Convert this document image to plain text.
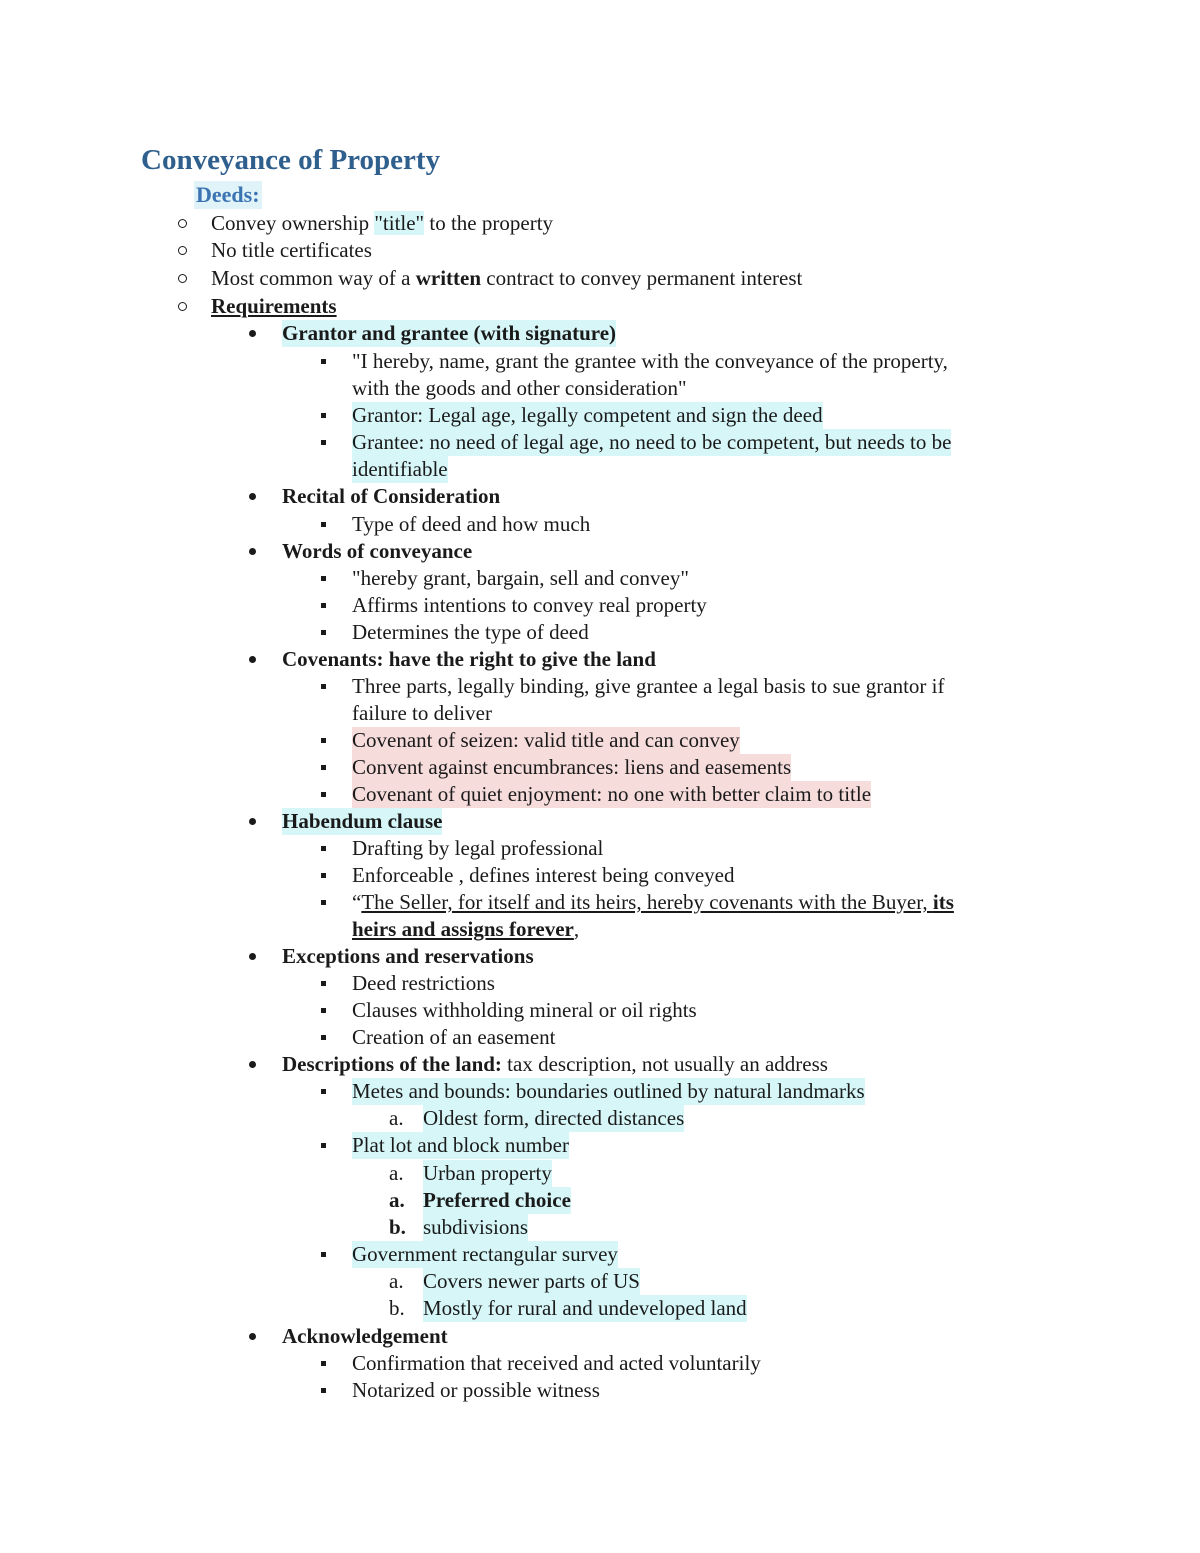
Conveyance of Property
Deeds:
Convey ownership "title" to the property
No title certificates
Most common way of a written contract to convey permanent interest
Requirements
Grantor and grantee (with signature)
"I hereby, name, grant the grantee with the conveyance of the property,
with the goods and other consideration"
Grantor: Legal age, legally competent and sign the deed
Grantee: no need of legal age, no need to be competent, but needs to be
identifiable
Recital of Consideration
Type of deed and how much
Words of conveyance
"hereby grant, bargain, sell and convey"
Affirms intentions to convey real property
Determines the type of deed
Covenants: have the right to give the land
Three parts, legally binding, give grantee a legal basis to sue grantor if
failure to deliver
Covenant of seizen: valid title and can convey
Convent against encumbrances: liens and easements
Covenant of quiet enjoyment: no one with better claim to title
Habendum clause
Drafting by legal professional
Enforceable , defines interest being conveyed
“The Seller, for itself and its heirs, hereby covenants with the Buyer, its
heirs and assigns forever,
Exceptions and reservations
Deed restrictions
Clauses withholding mineral or oil rights
Creation of an easement
Descriptions of the land: tax description, not usually an address
Metes and bounds: boundaries outlined by natural landmarks
a. Oldest form, directed distances
Plat lot and block number
a. Urban property
a. Preferred choice
b. subdivisions
Government rectangular survey
a. Covers newer parts of US
b. Mostly for rural and undeveloped land
Acknowledgement
Confirmation that received and acted voluntarily
Notarized or possible witness
